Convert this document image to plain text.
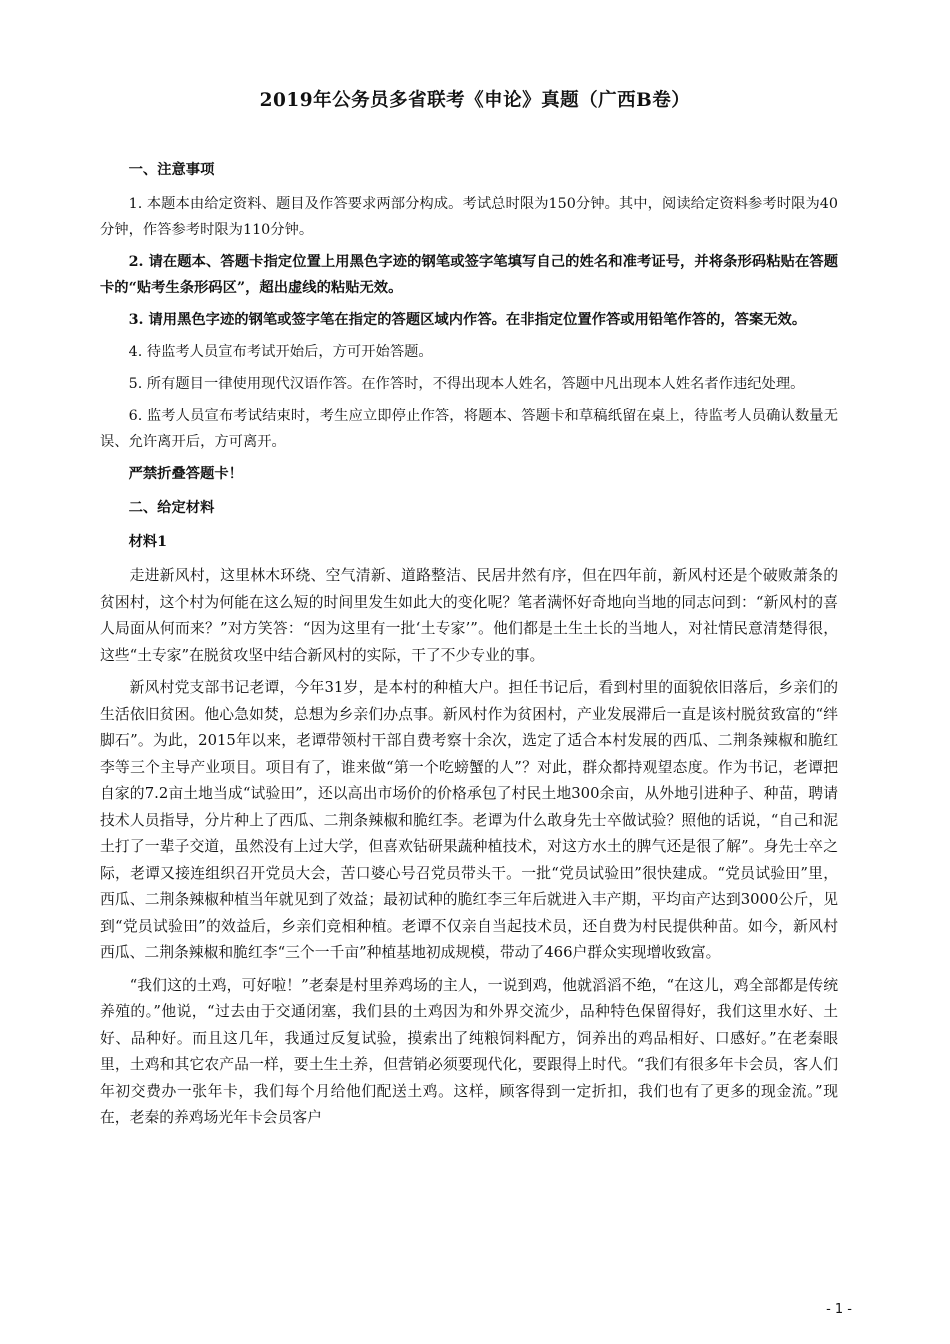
2019年公务员多省联考《申论》真题（广西B卷）
一、注意事项

1. 本题本由给定资料、题目及作答要求两部分构成。考试总时限为150分钟。其中，阅读给定资料参考时限为40分钟，作答参考时限为110分钟。

2. 请在题本、答题卡指定位置上用黑色字迹的钢笔或签字笔填写自己的姓名和准考证号，并将条形码粘贴在答题卡的“贴考生条形码区”，超出虚线的粘贴无效。

3. 请用黑色字迹的钢笔或签字笔在指定的答题区域内作答。在非指定位置作答或用铅笔作答的，答案无效。

4. 待监考人员宣布考试开始后，方可开始答题。

5. 所有题目一律使用现代汉语作答。在作答时，不得出现本人姓名，答题中凡出现本人姓名者作违纪处理。

6. 监考人员宣布考试结束时，考生应立即停止作答，将题本、答题卡和草稿纸留在桌上，待监考人员确认数量无误、允许离开后，方可离开。

严禁折叠答题卡！
二、给定材料
材料1

走进新风村，这里林木环绕、空气清新、道路整洁、民居井然有序，但在四年前，新风村还是个破败萧条的贫困村，这个村为何能在这么短的时间里发生如此大的变化呢？笔者满怀好奇地向当地的同志问到：“新风村的喜人局面从何而来？”对方笑答：“因为这里有一批‘土专家’”。他们都是土生土长的当地人，对社情民意清楚得很，这些“土专家”在脱贫攻坚中结合新风村的实际，干了不少专业的事。

新风村党支部书记老谭，今年31岁，是本村的种植大户。担任书记后，看到村里的面貌依旧落后，乡亲们的生活依旧贫困。他心急如焚，总想为乡亲们办点事。新风村作为贫困村，产业发展滞后一直是该村脱贫致富的“绊脚石”。为此，2015年以来，老谭带领村干部自费考察十余次，选定了适合本村发展的西瓜、二荆条辣椒和脆红李等三个主导产业项目。项目有了，谁来做“第一个吃螃蟹的人”？对此，群众都持观望态度。作为书记，老谭把自家的7.2亩土地当成“试验田”，还以高出市场价的价格承包了村民土地300余亩，从外地引进种子、种苗，聘请技术人员指导，分片种上了西瓜、二荆条辣椒和脆红李。老谭为什么敢身先士卒做试验？照他的话说，“自己和泥土打了一辈子交道，虽然没有上过大学，但喜欢钻研果蔬种植技术，对这方水土的脾气还是很了解”。身先士卒之际，老谭又接连组织召开党员大会，苦口婆心号召党员带头干。一批“党员试验田”很快建成。“党员试验田”里，西瓜、二荆条辣椒种植当年就见到了效益；最初试种的脆红李三年后就进入丰产期，平均亩产达到3000公斤，见到“党员试验田”的效益后，乡亲们竞相种植。老谭不仅亲自当起技术员，还自费为村民提供种苗。如今，新风村西瓜、二荆条辣椒和脆红李“三个一千亩”种植基地初成规模，带动了466户群众实现增收致富。

“我们这的土鸡，可好啦！”老秦是村里养鸡场的主人，一说到鸡，他就滔滔不绝，“在这儿，鸡全部都是传统养殖的。”他说，“过去由于交通闭塞，我们县的土鸡因为和外界交流少，品种特色保留得好，我们这里水好、土好、品种好。而且这几年，我通过反复试验，摸索出了纯粮饲料配方，饲养出的鸡品相好、口感好。”在老秦眼里，土鸡和其它农产品一样，要土生土养，但营销必须要现代化，要跟得上时代。“我们有很多年卡会员，客人们年初交费办一张年卡，我们每个月给他们配送土鸡。这样，顾客得到一定折扣，我们也有了更多的现金流。”现在，老秦的养鸡场光年卡会员客户

- 1 -
